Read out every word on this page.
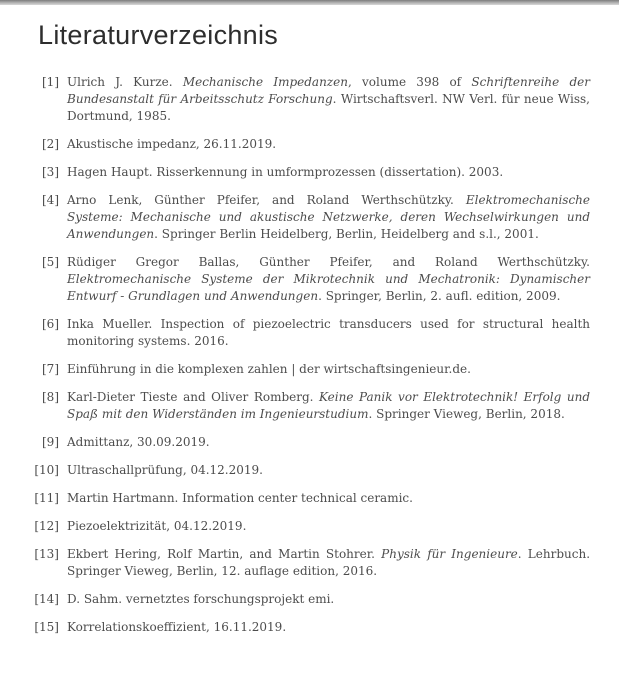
Literaturverzeichnis
[1] Ulrich J. Kurze. Mechanische Impedanzen, volume 398 of Schriftenreihe der Bundesanstalt für Arbeitsschutz Forschung. Wirtschaftsverl. NW Verl. für neue Wiss, Dortmund, 1985.
[2] Akustische impedanz, 26.11.2019.
[3] Hagen Haupt. Risserkennung in umformprozessen (dissertation). 2003.
[4] Arno Lenk, Günther Pfeifer, and Roland Werthschützky. Elektromechanische Systeme: Mechanische und akustische Netzwerke, deren Wechselwirkungen und Anwendungen. Springer Berlin Heidelberg, Berlin, Heidelberg and s.l., 2001.
[5] Rüdiger Gregor Ballas, Günther Pfeifer, and Roland Werthschützky. Elektromechanische Systeme der Mikrotechnik und Mechatronik: Dynamischer Entwurf - Grundlagen und Anwendungen. Springer, Berlin, 2. aufl. edition, 2009.
[6] Inka Mueller. Inspection of piezoelectric transducers used for structural health monitoring systems. 2016.
[7] Einführung in die komplexen zahlen | der wirtschaftsingenieur.de.
[8] Karl-Dieter Tieste and Oliver Romberg. Keine Panik vor Elektrotechnik! Erfolg und Spaß mit den Widerständen im Ingenieurstudium. Springer Vieweg, Berlin, 2018.
[9] Admittanz, 30.09.2019.
[10] Ultraschallprüfung, 04.12.2019.
[11] Martin Hartmann. Information center technical ceramic.
[12] Piezoelektrizität, 04.12.2019.
[13] Ekbert Hering, Rolf Martin, and Martin Stohrer. Physik für Ingenieure. Lehrbuch. Springer Vieweg, Berlin, 12. auflage edition, 2016.
[14] D. Sahm. vernetztes forschungsprojekt emi.
[15] Korrelationskoeffizient, 16.11.2019.
